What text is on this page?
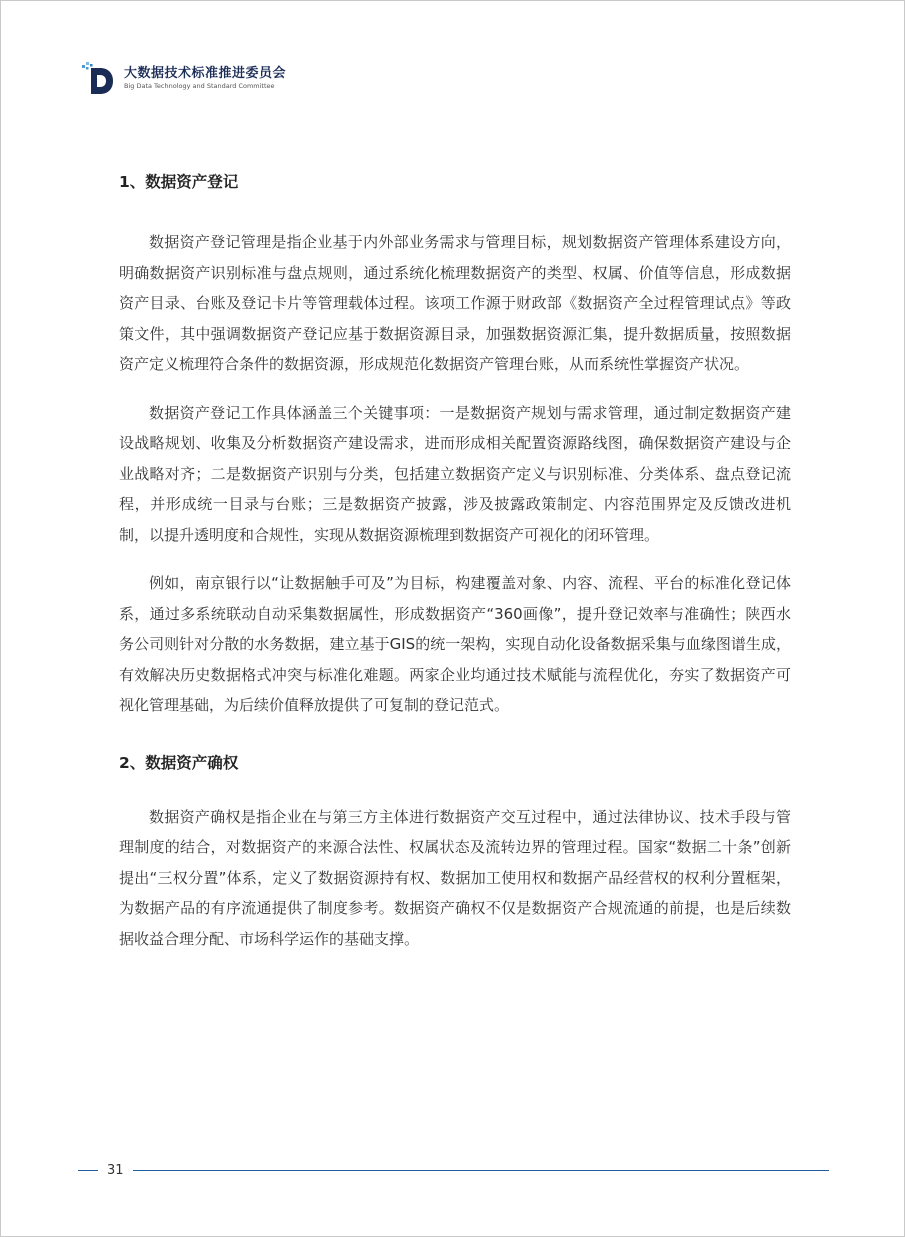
大数据技术标准推进委员会
Big Data Technology and Standard Committee
1、数据资产登记

数据资产登记管理是指企业基于内外部业务需求与管理目标，规划数据资产管理体系建设方向，明确数据资产识别标准与盘点规则，通过系统化梳理数据资产的类型、权属、价值等信息，形成数据资产目录、台账及登记卡片等管理载体过程。该项工作源于财政部《数据资产全过程管理试点》等政策文件，其中强调数据资产登记应基于数据资源目录，加强数据资源汇集，提升数据质量，按照数据资产定义梳理符合条件的数据资源，形成规范化数据资产管理台账，从而系统性掌握资产状况。

数据资产登记工作具体涵盖三个关键事项：一是数据资产规划与需求管理，通过制定数据资产建设战略规划、收集及分析数据资产建设需求，进而形成相关配置资源路线图，确保数据资产建设与企业战略对齐；二是数据资产识别与分类，包括建立数据资产定义与识别标准、分类体系、盘点登记流程，并形成统一目录与台账；三是数据资产披露，涉及披露政策制定、内容范围界定及反馈改进机制，以提升透明度和合规性，实现从数据资源梳理到数据资产可视化的闭环管理。

例如，南京银行以“让数据触手可及”为目标，构建覆盖对象、内容、流程、平台的标准化登记体系，通过多系统联动自动采集数据属性，形成数据资产“360画像”，提升登记效率与准确性；陕西水务公司则针对分散的水务数据，建立基于GIS的统一架构，实现自动化设备数据采集与血缘图谱生成，有效解决历史数据格式冲突与标准化难题。两家企业均通过技术赋能与流程优化，夯实了数据资产可视化管理基础，为后续价值释放提供了可复制的登记范式。

2、数据资产确权

数据资产确权是指企业在与第三方主体进行数据资产交互过程中，通过法律协议、技术手段与管理制度的结合，对数据资产的来源合法性、权属状态及流转边界的管理过程。国家“数据二十条”创新提出“三权分置”体系，定义了数据资源持有权、数据加工使用权和数据产品经营权的权利分置框架，为数据产品的有序流通提供了制度参考。数据资产确权不仅是数据资产合规流通的前提，也是后续数据收益合理分配、市场科学运作的基础支撑。

31
